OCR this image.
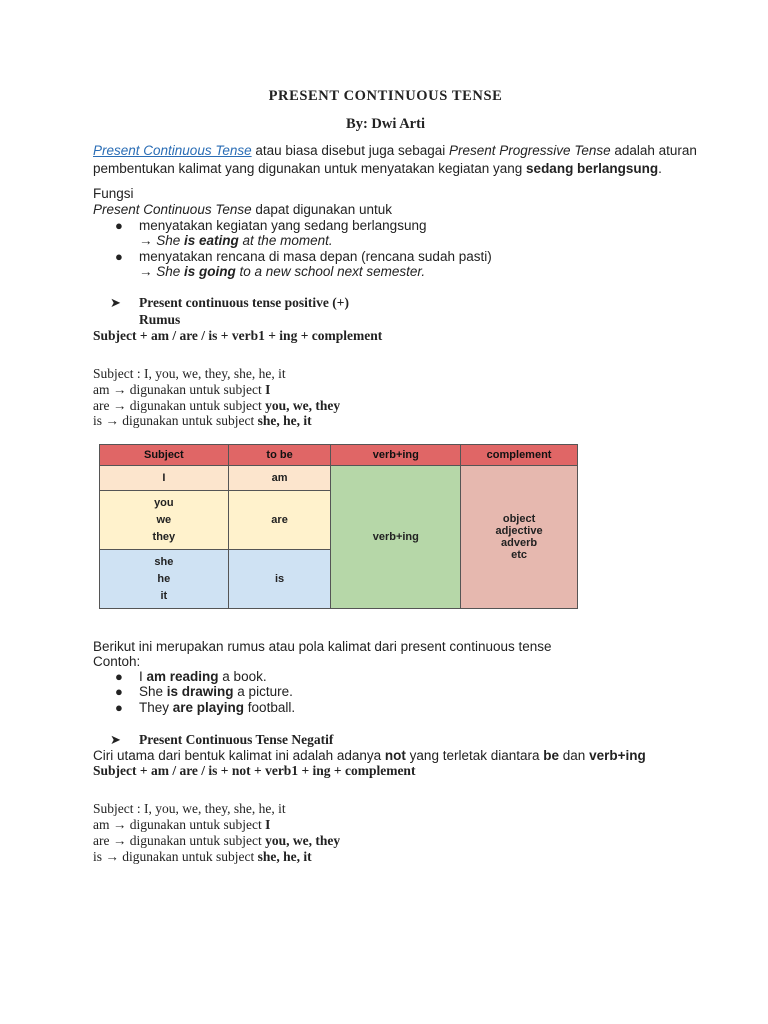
PRESENT CONTINUOUS TENSE
By: Dwi Arti
Present Continuous Tense atau biasa disebut juga sebagai Present Progressive Tense adalah aturan
pembentukan kalimat yang digunakan untuk menyatakan kegiatan yang sedang berlangsung.
Fungsi
Present Continuous Tense dapat digunakan untuk
● menyatakan kegiatan yang sedang berlangsung
→ She is eating at the moment.
● menyatakan rencana di masa depan (rencana sudah pasti)
→ She is going to a new school next semester.
➤ Present continuous tense positive (+)
Rumus
Subject + am / are / is + verb1 + ing + complement
Subject : I, you, we, they, she, he, it
am → digunakan untuk subject I
are → digunakan untuk subject you, we, they
is → digunakan untuk subject she, he, it
Subject	to be	verb+ing	complement
I	am	verb+ing	object
adjective
adverb
etc

you
we
they	are		

she
he
it	is		
Berikut ini merupakan rumus atau pola kalimat dari present continuous tense
Contoh:
● I am reading a book.
● She is drawing a picture.
● They are playing football.
➤ Present Continuous Tense Negatif
Ciri utama dari bentuk kalimat ini adalah adanya not yang terletak diantara be dan verb+ing
Subject + am / are / is + not + verb1 + ing + complement
Subject : I, you, we, they, she, he, it
am → digunakan untuk subject I
are → digunakan untuk subject you, we, they
is → digunakan untuk subject she, he, it
